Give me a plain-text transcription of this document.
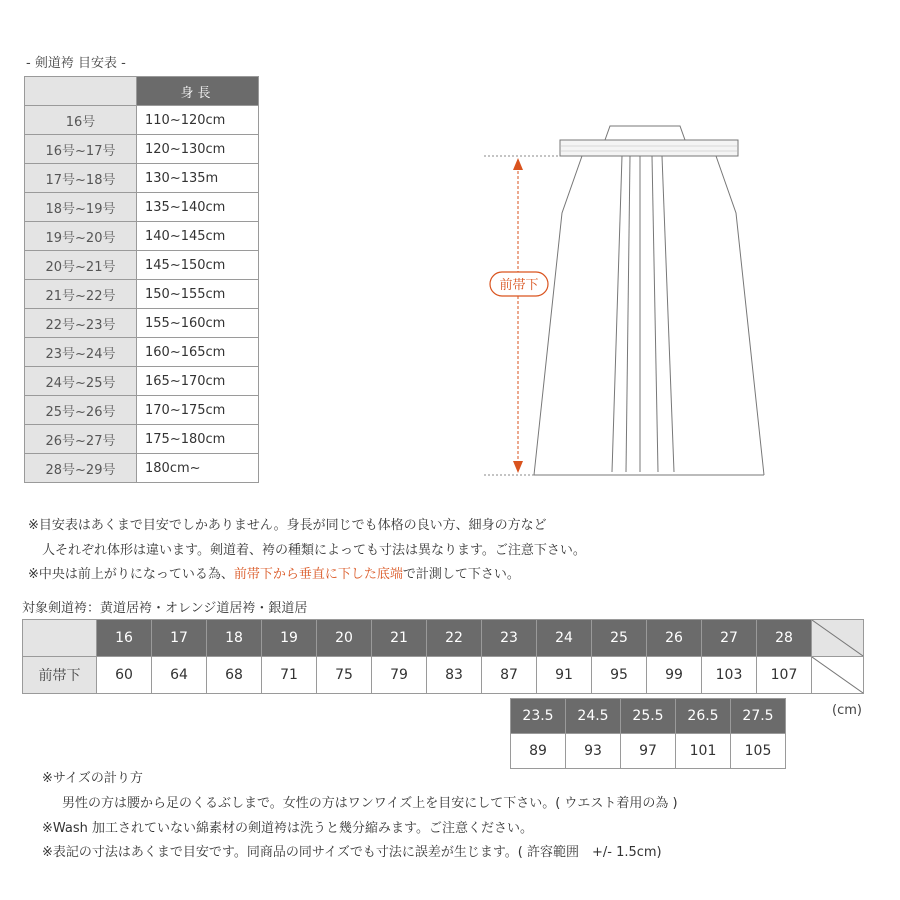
- 剣道袴 目安表 -
	身長
16号	110~120cm
16号~17号	120~130cm
17号~18号	130~135m
18号~19号	135~140cm
19号~20号	140~145cm
20号~21号	145~150cm
21号~22号	150~155cm
22号~23号	155~160cm
23号~24号	160~165cm
24号~25号	165~170cm
25号~26号	170~175cm
26号~27号	175~180cm
28号~29号	180cm~
前帯下
※目安表はあくまで目安でしかありません。身長が同じでも体格の良い方、細身の方など
人それぞれ体形は違います。剣道着、袴の種類によっても寸法は異なります。ご注意下さい。
※中央は前上がりになっている為、前帯下から垂直に下した底端で計測して下さい。
対象剣道袴：黄道居袴・オレンジ道居袴・銀道居
	16	17	18	19	20	21	22	23	24	25	26	27	28	

前帯下	60	64	68	71	75	79	83	87	91	95	99	103	107	
(cm)
23.5	24.5	25.5	26.5	27.5
89	93	97	101	105
※サイズの計り方
男性の方は腰から足のくるぶしまで。女性の方はワンワイズ上を目安にして下さい。( ウエスト着用の為 )
※Wash 加工されていない綿素材の剣道袴は洗うと幾分縮みます。ご注意ください。
※表記の寸法はあくまで目安です。同商品の同サイズでも寸法に誤差が生じます。( 許容範囲　+/- 1.5cm)
